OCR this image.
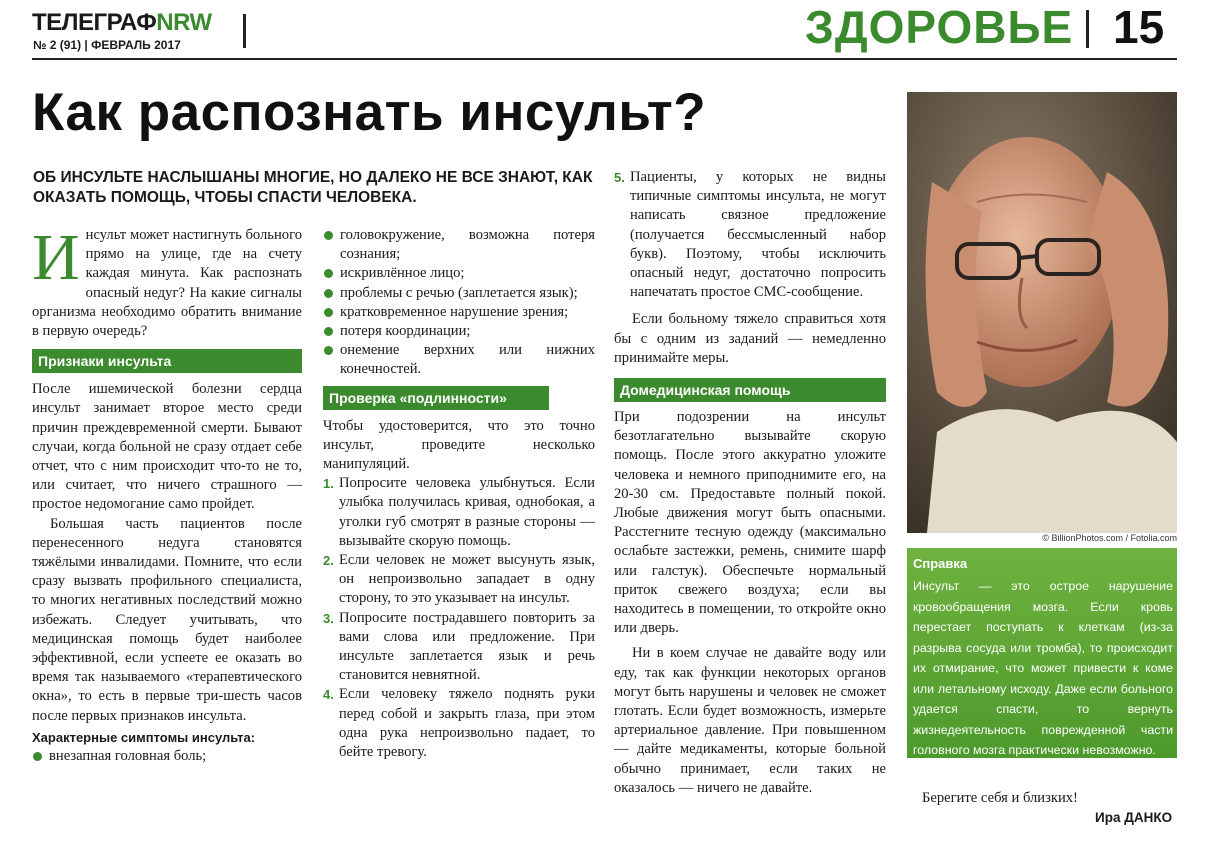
ТЕЛЕГРАФNRW
№ 2 (91) | ФЕВРАЛЬ 2017	ЗДОРОВЬЕ 15
Как распознать инсульт?
ОБ ИНСУЛЬТЕ НАСЛЫШАНЫ МНОГИЕ, НО ДАЛЕКО НЕ ВСЕ ЗНАЮТ, КАК ОКАЗАТЬ ПОМОЩЬ, ЧТОБЫ СПАСТИ ЧЕЛОВЕКА.

Инсульт может настигнуть больного прямо на улице, где на счету каждая минута. Как распознать опасный недуг? На какие сигналы организма необходимо обратить внимание в первую очередь?

Признаки инсульта

После ишемической болезни сердца инсульт занимает второе место среди причин преждевременной смерти. Бывают случаи, когда больной не сразу отдает себе отчет, что с ним происходит что-то не то, или считает, что ничего страшного — простое недомогание само пройдет.

Большая часть пациентов после перенесенного недуга становятся тяжёлыми инвалидами. Помните, что если сразу вызвать профильного специалиста, то многих негативных последствий можно избежать. Следует учитывать, что медицинская помощь будет наиболее эффективной, если успеете ее оказать во время так называемого «терапевтического окна», то есть в первые три-шесть часов после первых признаков инсульта.

Характерные симптомы инсульта:

внезапная головная боль;
головокружение, возможна потеря сознания;
искривлённое лицо;
проблемы с речью (заплетается язык);
кратковременное нарушение зрения;
потеря координации;
онемение верхних или нижних конечностей.
Проверка «подлинности»

Чтобы удостоверится, что это точно инсульт, проведите несколько манипуляций.

1. Попросите человека улыбнуться. Если улыбка получилась кривая, однобокая, а уголки губ смотрят в разные стороны — вызывайте скорую помощь.
2. Если человек не может высунуть язык, он непроизвольно западает в одну сторону, то это указывает на инсульт.
3. Попросите пострадавшего повторить за вами слова или предложение. При инсульте заплетается язык и речь становится невнятной.
4. Если человеку тяжело поднять руки перед собой и закрыть глаза, при этом одна рука непроизвольно падает, то бейте тревогу.
5. Пациенты, у которых не видны типичные симптомы инсульта, не могут написать связное предложение (получается бессмысленный набор букв). Поэтому, чтобы исключить опасный недуг, достаточно попросить напечатать простое СМС-сообщение.

Если больному тяжело справиться хотя бы с одним из заданий — немедленно принимайте меры.

Домедицинская помощь

При подозрении на инсульт безотлагательно вызывайте скорую помощь. После этого аккуратно уложите человека и немного приподнимите его, на 20-30 см. Предоставьте полный покой. Любые движения могут быть опасными. Расстегните тесную одежду (максимально ослабьте застежки, ремень, снимите шарф или галстук). Обеспечьте нормальный приток свежего воздуха; если вы находитесь в помещении, то откройте окно или дверь.

Ни в коем случае не давайте воду или еду, так как функции некоторых органов могут быть нарушены и человек не сможет глотать. Если будет возможность, измерьте артериальное давление. При повышенном — дайте медикаменты, которые больной обычно принимает, если таких не оказалось — ничего не давайте.

© BillionPhotos.com / Fotolia.com
Справка
Инсульт — это острое нарушение кровообращения мозга. Если кровь перестает поступать к клеткам (из-за разрыва сосуда или тромба), то происходит их отмирание, что может привести к коме или летальному исходу. Даже если больного удается спасти, то вернуть жизнедеятельность поврежденной части головного мозга практически невозможно.
Берегите себя и близких!
Ира ДАНКО
